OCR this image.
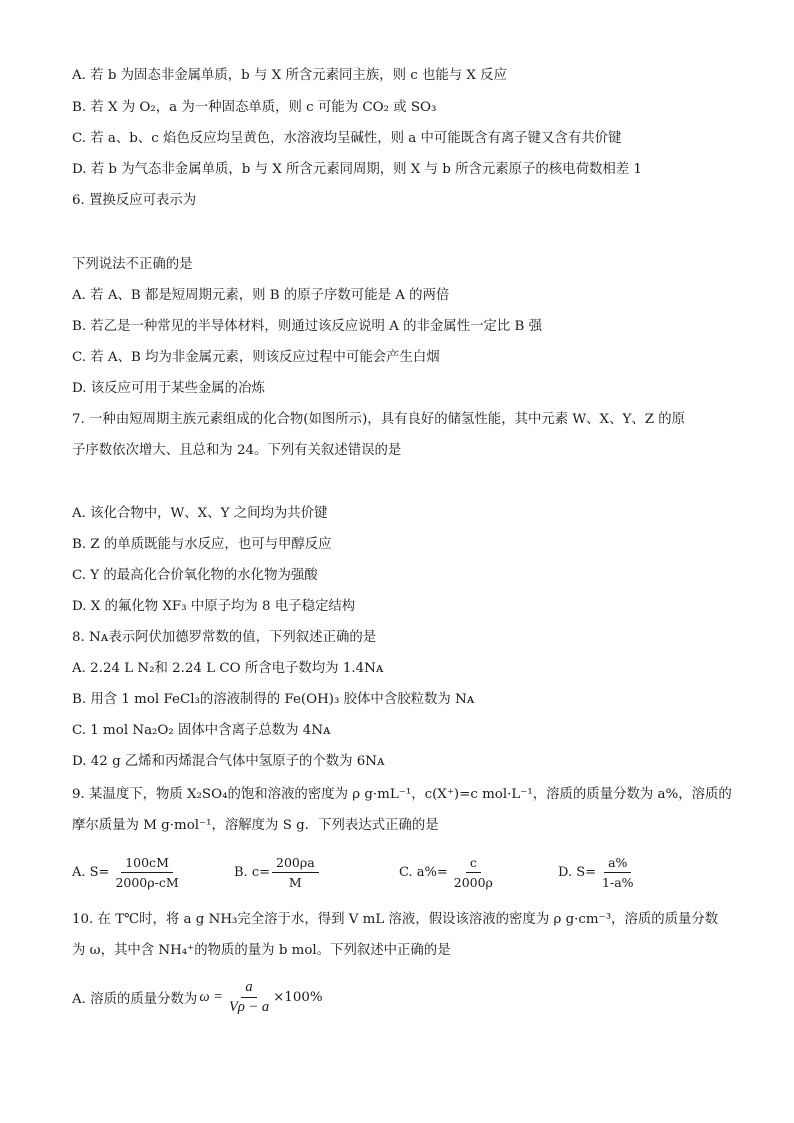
A. 若 b 为固态非金属单质，b 与 X 所含元素同主族，则 c 也能与 X 反应
B. 若 X 为 O₂，a 为一种固态单质，则 c 可能为 CO₂ 或 SO₃
C. 若 a、b、c 焰色反应均呈黄色，水溶液均呈碱性，则 a 中可能既含有离子键又含有共价键
D. 若 b 为气态非金属单质，b 与 X 所含元素同周期，则 X 与 b 所含元素原子的核电荷数相差 1
6. 置换反应可表示为
下列说法不正确的是
A. 若 A、B 都是短周期元素，则 B 的原子序数可能是 A 的两倍
B. 若乙是一种常见的半导体材料，则通过该反应说明 A 的非金属性一定比 B 强
C. 若 A、B 均为非金属元素，则该反应过程中可能会产生白烟
D. 该反应可用于某些金属的冶炼
7. 一种由短周期主族元素组成的化合物(如图所示)，具有良好的储氢性能，其中元素 W、X、Y、Z 的原
子序数依次增大、且总和为 24。下列有关叙述错误的是
A. 该化合物中，W、X、Y 之间均为共价键
B. Z 的单质既能与水反应，也可与甲醇反应
C. Y 的最高化合价氧化物的水化物为强酸
D. X 的氟化物 XF₃ 中原子均为 8 电子稳定结构
8. Nᴀ表示阿伏加德罗常数的值，下列叙述正确的是
A. 2.24 L N₂和 2.24 L CO 所含电子数均为 1.4Nᴀ
B. 用含 1 mol FeCl₃的溶液制得的 Fe(OH)₃ 胶体中含胶粒数为 Nᴀ
C. 1 mol Na₂O₂ 固体中含离子总数为 4Nᴀ
D. 42 g 乙烯和丙烯混合气体中氢原子的个数为 6Nᴀ
9. 某温度下，物质 X₂SO₄的饱和溶液的密度为 ρ g·mL⁻¹，c(X⁺)=c mol·L⁻¹，溶质的质量分数为 a%，溶质的
摩尔质量为 M g·mol⁻¹，溶解度为 S g．下列表达式正确的是
A. $S= \frac{100cM}{2000\rho-cM}$	B. $c= \frac{200\rho a}{M}$	C. $a\%= \frac{c}{2000\rho}$	D. $S= \frac{a\%}{1-a\%}$
10. 在 T℃时，将 a g NH₃完全溶于水，得到 V mL 溶液，假设该溶液的密度为 ρ g·cm⁻³，溶质的质量分数
为 ω，其中含 NH₄⁺的物质的量为 b mol。下列叙述中正确的是
A. 溶质的质量分数为 $\omega = \frac{a}{V\rho - a} \times 100\%$
